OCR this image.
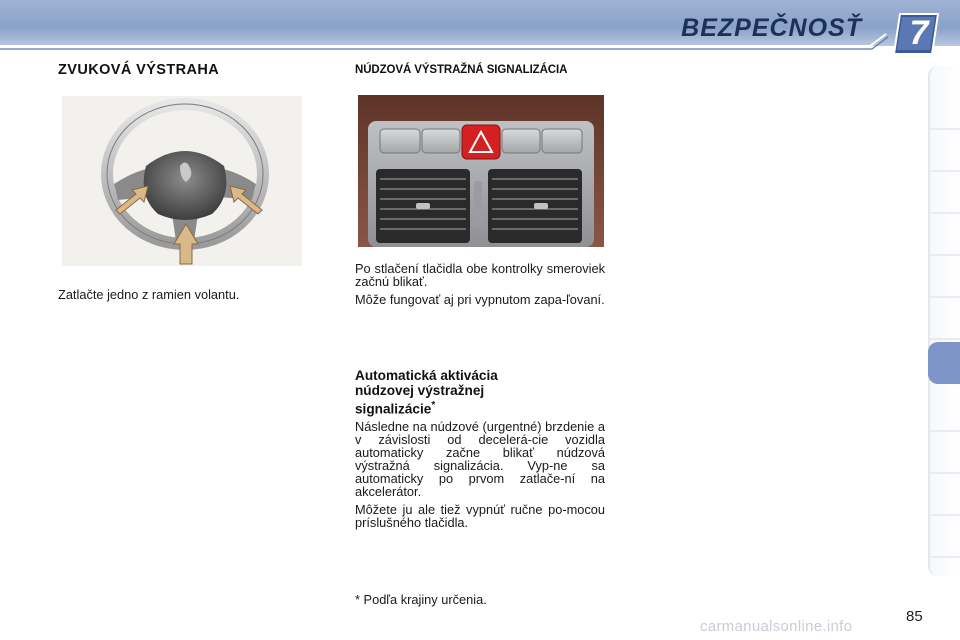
BEZPEČNOSŤ 7
ZVUKOVÁ VÝSTRAHA
Zatlačte jedno z ramien volantu.
NÚDZOVÁ VÝSTRAŽNÁ SIGNALIZÁCIA

Po stlačení tlačidla obe kontrolky smeroviek začnú blikať.

Môže fungovať aj pri vypnutom zapa-ľovaní.

Automatická aktivácia núdzovej výstražnej signalizácie*

Následne na núdzové (urgentné) brzdenie a v závislosti od decelerá-cie vozidla automaticky začne blikať núdzová výstražná signalizácia. Vyp-ne sa automaticky po prvom zatlače-ní na akcelerátor.

Môžete ju ale tiež vypnúť ručne po-mocou príslušného tlačidla.

* Podľa krajiny určenia.
carmanualsonline.info
85
